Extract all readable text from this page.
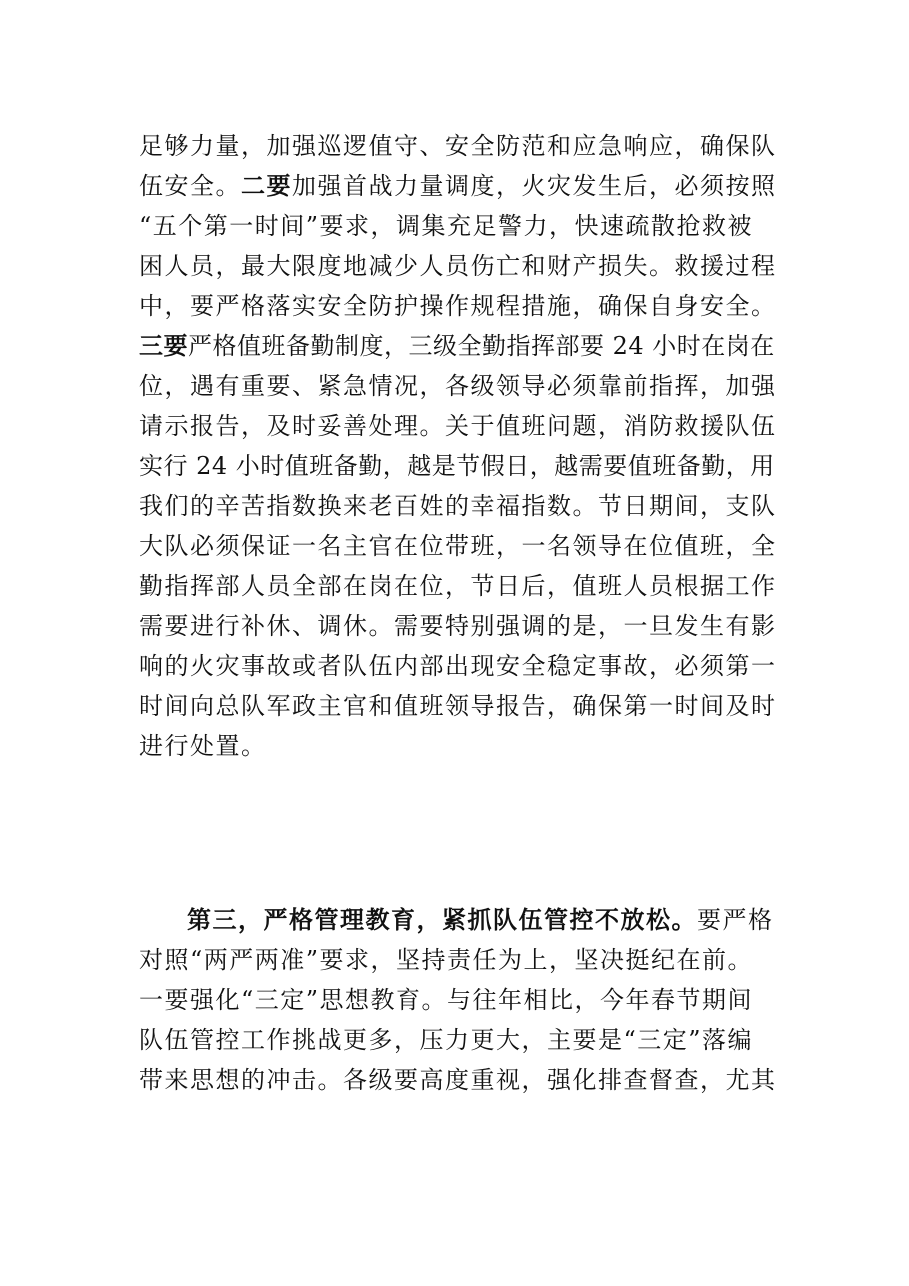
足够力量，加强巡逻值守、安全防范和应急响应，确保队
伍安全。二要加强首战力量调度，火灾发生后，必须按照
“五个第一时间”要求，调集充足警力，快速疏散抢救被
困人员，最大限度地减少人员伤亡和财产损失。救援过程
中，要严格落实安全防护操作规程措施，确保自身安全。
三要严格值班备勤制度，三级全勤指挥部要 24 小时在岗在
位，遇有重要、紧急情况，各级领导必须靠前指挥，加强
请示报告，及时妥善处理。关于值班问题，消防救援队伍
实行 24 小时值班备勤，越是节假日，越需要值班备勤，用
我们的辛苦指数换来老百姓的幸福指数。节日期间，支队
大队必须保证一名主官在位带班，一名领导在位值班，全
勤指挥部人员全部在岗在位，节日后，值班人员根据工作
需要进行补休、调休。需要特别强调的是，一旦发生有影
响的火灾事故或者队伍内部出现安全稳定事故，必须第一
时间向总队军政主官和值班领导报告，确保第一时间及时
进行处置。
第三，严格管理教育，紧抓队伍管控不放松。要严格
对照“两严两准”要求，坚持责任为上，坚决挺纪在前。
一要强化“三定”思想教育。与往年相比，今年春节期间
队伍管控工作挑战更多，压力更大，主要是“三定”落编
带来思想的冲击。各级要高度重视，强化排查督查，尤其
